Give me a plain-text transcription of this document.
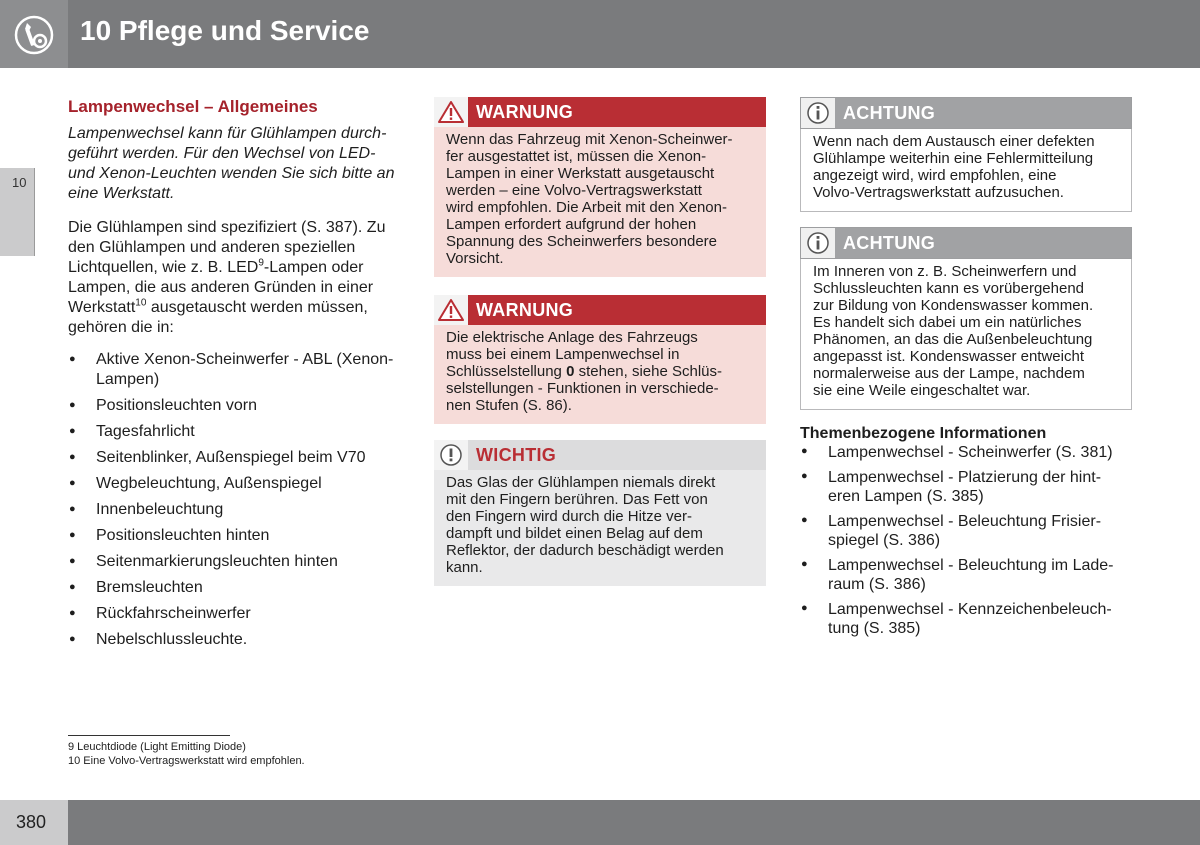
10 Pflege und Service
10
Lampenwechsel – Allgemeines
Lampenwechsel kann für Glühlampen durch-
geführt werden. Für den Wechsel von LED-
und Xenon-Leuchten wenden Sie sich bitte an
eine Werkstatt.
Die Glühlampen sind spezifiziert (S. 387). Zu
den Glühlampen und anderen speziellen
Lichtquellen, wie z. B. LED$^9$-Lampen oder
Lampen, die aus anderen Gründen in einer
Werkstatt$^{10}$ ausgetauscht werden müssen,
gehören die in:
● Aktive Xenon-Scheinwerfer - ABL (Xenon-Lampen)
● Positionsleuchten vorn
● Tagesfahrlicht
● Seitenblinker, Außenspiegel beim V70
● Wegbeleuchtung, Außenspiegel
● Innenbeleuchtung
● Positionsleuchten hinten
● Seitenmarkierungsleuchten hinten
● Bremsleuchten
● Rückfahrscheinwerfer
● Nebelschlussleuchte.
WARNUNG
Wenn das Fahrzeug mit Xenon-Scheinwer-
fer ausgestattet ist, müssen die Xenon-
Lampen in einer Werkstatt ausgetauscht
werden – eine Volvo-Vertragswerkstatt
wird empfohlen. Die Arbeit mit den Xenon-
Lampen erfordert aufgrund der hohen
Spannung des Scheinwerfers besondere
Vorsicht.
WARNUNG
Die elektrische Anlage des Fahrzeugs
muss bei einem Lampenwechsel in
Schlüsselstellung 0 stehen, siehe Schlüs-
selstellungen - Funktionen in verschiede-
nen Stufen (S. 86).
WICHTIG
Das Glas der Glühlampen niemals direkt
mit den Fingern berühren. Das Fett von
den Fingern wird durch die Hitze ver-
dampft und bildet einen Belag auf dem
Reflektor, der dadurch beschädigt werden
kann.
ACHTUNG
Wenn nach dem Austausch einer defekten
Glühlampe weiterhin eine Fehlermitteilung
angezeigt wird, wird empfohlen, eine
Volvo-Vertragswerkstatt aufzusuchen.
ACHTUNG
Im Inneren von z. B. Scheinwerfern und
Schlussleuchten kann es vorübergehend
zur Bildung von Kondenswasser kommen.
Es handelt sich dabei um ein natürliches
Phänomen, an das die Außenbeleuchtung
angepasst ist. Kondenswasser entweicht
normalerweise aus der Lampe, nachdem
sie eine Weile eingeschaltet war.
Themenbezogene Informationen
● Lampenwechsel - Scheinwerfer (S. 381)
● Lampenwechsel - Platzierung der hint-
eren Lampen (S. 385)
● Lampenwechsel - Beleuchtung Frisier-
spiegel (S. 386)
● Lampenwechsel - Beleuchtung im Lade-
raum (S. 386)
● Lampenwechsel - Kennzeichenbeleuch-
tung (S. 385)
9 Leuchtdiode (Light Emitting Diode)
10 Eine Volvo-Vertragswerkstatt wird empfohlen.
380
